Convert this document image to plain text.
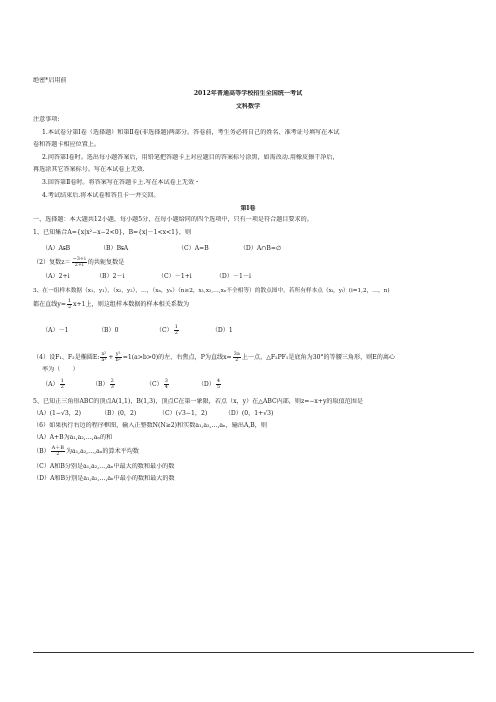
绝密*启用前
2012年普通高等学校招生全国统一考试
文科数学
注意事项:
1.本试卷分第Ⅰ卷（选择题）和第Ⅱ卷(非选择题)两部分。答卷前，考生务必将自己的姓名、准考证号填写在本试
卷和答题卡相应位置上。
2.问答第Ⅰ卷时。选出每小题答案后，用铅笔把答题卡上对应题目的答案标号涂黑，如需改动.用橡皮擦干净后，
再选涂其它答案标号。写在本试卷上无效.
3.回答第Ⅱ卷时。将答案写在答题卡上.写在本试卷上无效・
4.考试结束后.将本试卷和答且卡一并交回。
第Ⅰ卷
一、选择题：本大题共12小题，每小题5分，在每小题给同的四个选项中，只有一项是符合题目要求的。
1、已知集合A={x|x²−x−2<0}，B={x|－1<x<1}，则
（A）A⫋B	（B）B⫋A	（C）A=B	（D）A∩B=∅
（2）复数$z= \frac{-3+i}{2+i}$ 的共轭复数是
（A）2+i	（B）2－i	（C）－1+i	（D）－1－i
3、在一组样本数据（x₁，y₁），（x₂，y₂），…，（xₙ，yₙ）（n≥2，x₁,x₂,…,xₙ不全相等）的散点图中，若所有样本点（xᵢ，yᵢ）(i=1,2，…，n)
都在直线$y= \frac{1}{2} x+1$上，则这组样本数据的样本相关系数为
（A）－1	（B）0	$(C) \frac{1}{2}$	（D）1
（4）设F₁、F₂是椭圆E: $\frac{\text{x²}}{\text{a²}} + \frac{\text{y²}}{\text{b²}} =1(a>b>0)$的左、右焦点，P为直线$x= \frac{3a}{2}$ 上一点，△F₂PF₁是底角为30°的等腰三角形，则E的离心
率为（　　）
$(A) \frac{1}{2}$	$(B) \frac{2}{3}$	$(C) \frac{3}{4}$	$(D) \frac{4}{5}$
5、已知正三角形ABC的顶点A(1,1)，B(1,3)，顶点C在第一象限，若点（x，y）在△ABC内部，则z=−x+y的取值范围是
（A）(1−√3，2)	（B）(0，2)	（C）(√3−1，2)	（D）(0，1+√3)
（6）如果执行右边的程序框图，输入正整数N(N≥2)和实数a₁,a₂,…,aₙ，输出A,B，则
（A）A+B为a₁,a₂,…,aₙ的和
$(B) \frac{A+B}{2}$ 为a₁,a₂,…,aₙ的算术平均数
（C）A和B分别是a₁,a₂,…,aₙ中最大的数和最小的数
（D）A和B分别是a₁,a₂,…,aₙ中最小的数和最大的数
